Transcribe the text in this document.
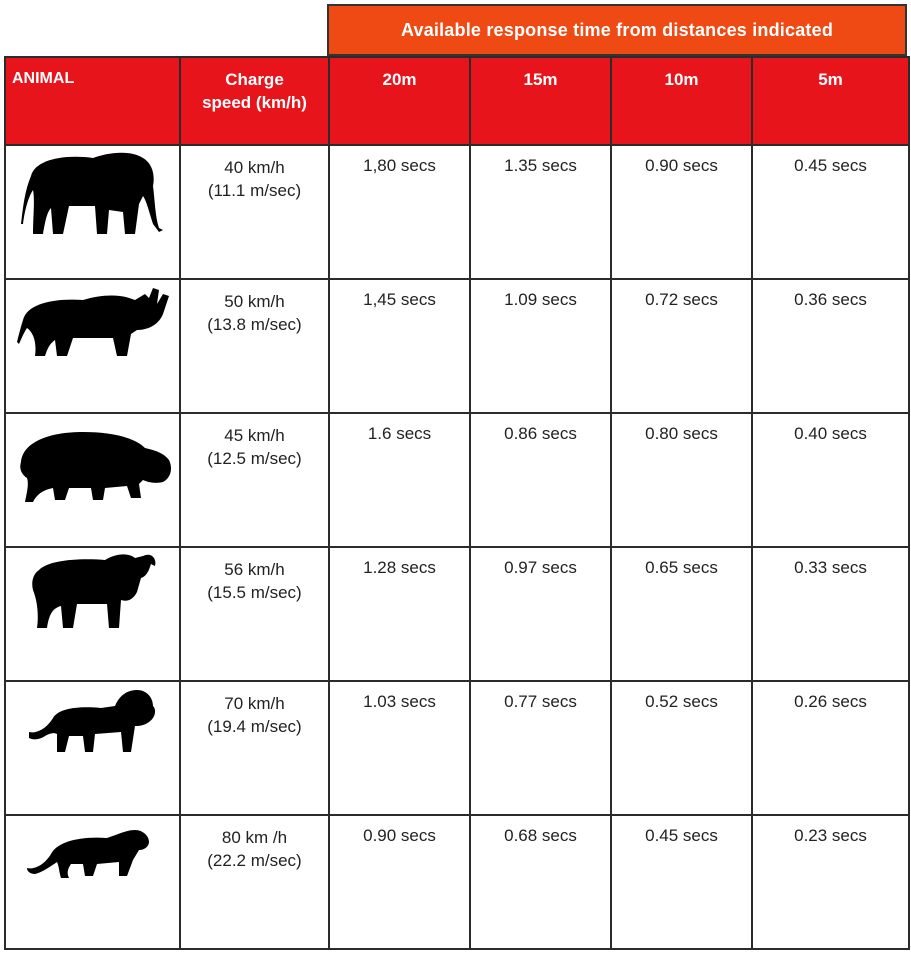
Available response time from distances indicated
ANIMAL	Charge
speed (km/h)	20m	15m	10m	5m

	40 km/h
(11.1 m/sec)	1,80 secs	1.35 secs	0.90 secs	0.45 secs

	50 km/h
(13.8 m/sec)	1,45 secs	1.09 secs	0.72 secs	0.36 secs

	45 km/h
(12.5 m/sec)	1.6 secs	0.86 secs	0.80 secs	0.40 secs

	56 km/h
(15.5 m/sec)	1.28 secs	0.97 secs	0.65 secs	0.33 secs

	70 km/h
(19.4 m/sec)	1.03 secs	0.77 secs	0.52 secs	0.26 secs

	80 km /h
(22.2 m/sec)	0.90 secs	0.68 secs	0.45 secs	0.23 secs
